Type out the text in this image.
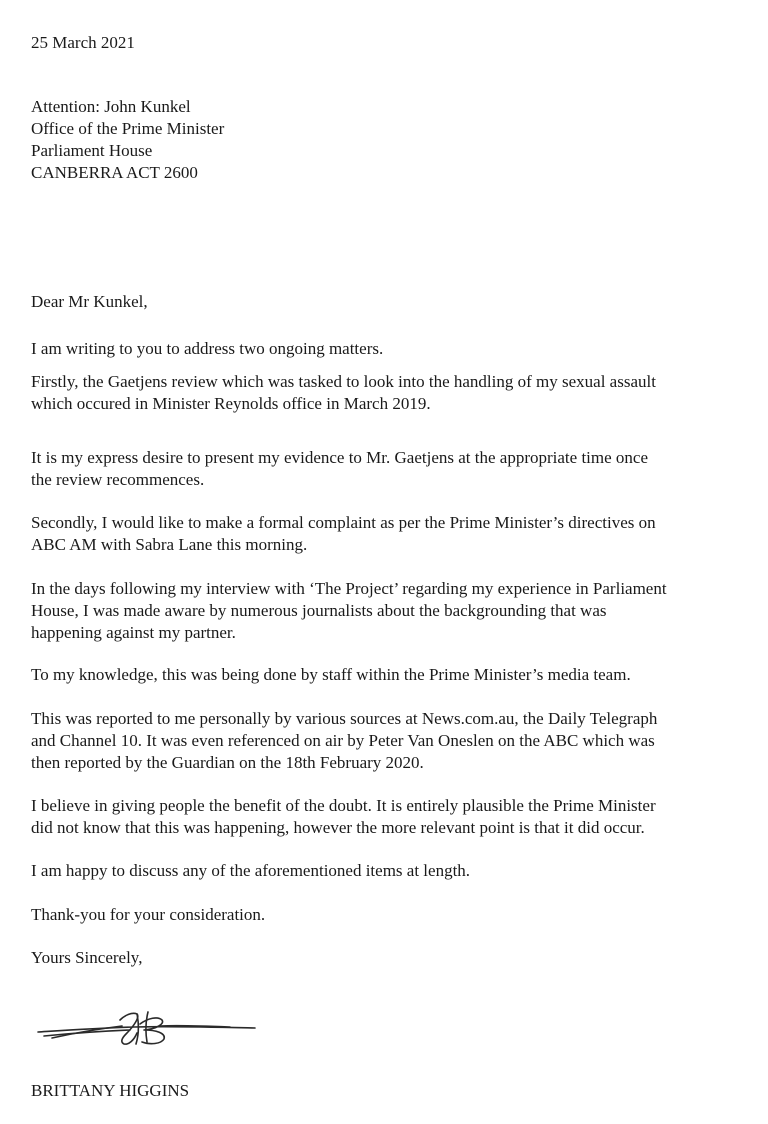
25 March 2021

Attention: John Kunkel

Office of the Prime Minister

Parliament House

CANBERRA ACT 2600

Dear Mr Kunkel,

I am writing to you to address two ongoing matters.
Firstly, the Gaetjens review which was tasked to look into the handling of my sexual assault
which occured in Minister Reynolds office in March 2019.
It is my express desire to present my evidence to Mr. Gaetjens at the appropriate time once
the review recommences.
Secondly, I would like to make a formal complaint as per the Prime Minister’s directives on
ABC AM with Sabra Lane this morning.
In the days following my interview with ‘The Project’ regarding my experience in Parliament
House, I was made aware by numerous journalists about the backgrounding that was
happening against my partner.
To my knowledge, this was being done by staff within the Prime Minister’s media team.
This was reported to me personally by various sources at News.com.au, the Daily Telegraph
and Channel 10. It was even referenced on air by Peter Van Oneslen on the ABC which was
then reported by the Guardian on the 18th February 2020.
I believe in giving people the benefit of the doubt. It is entirely plausible the Prime Minister
did not know that this was happening, however the more relevant point is that it did occur.
I am happy to discuss any of the aforementioned items at length.
Thank-you for your consideration.

Yours Sincerely,

BRITTANY HIGGINS
